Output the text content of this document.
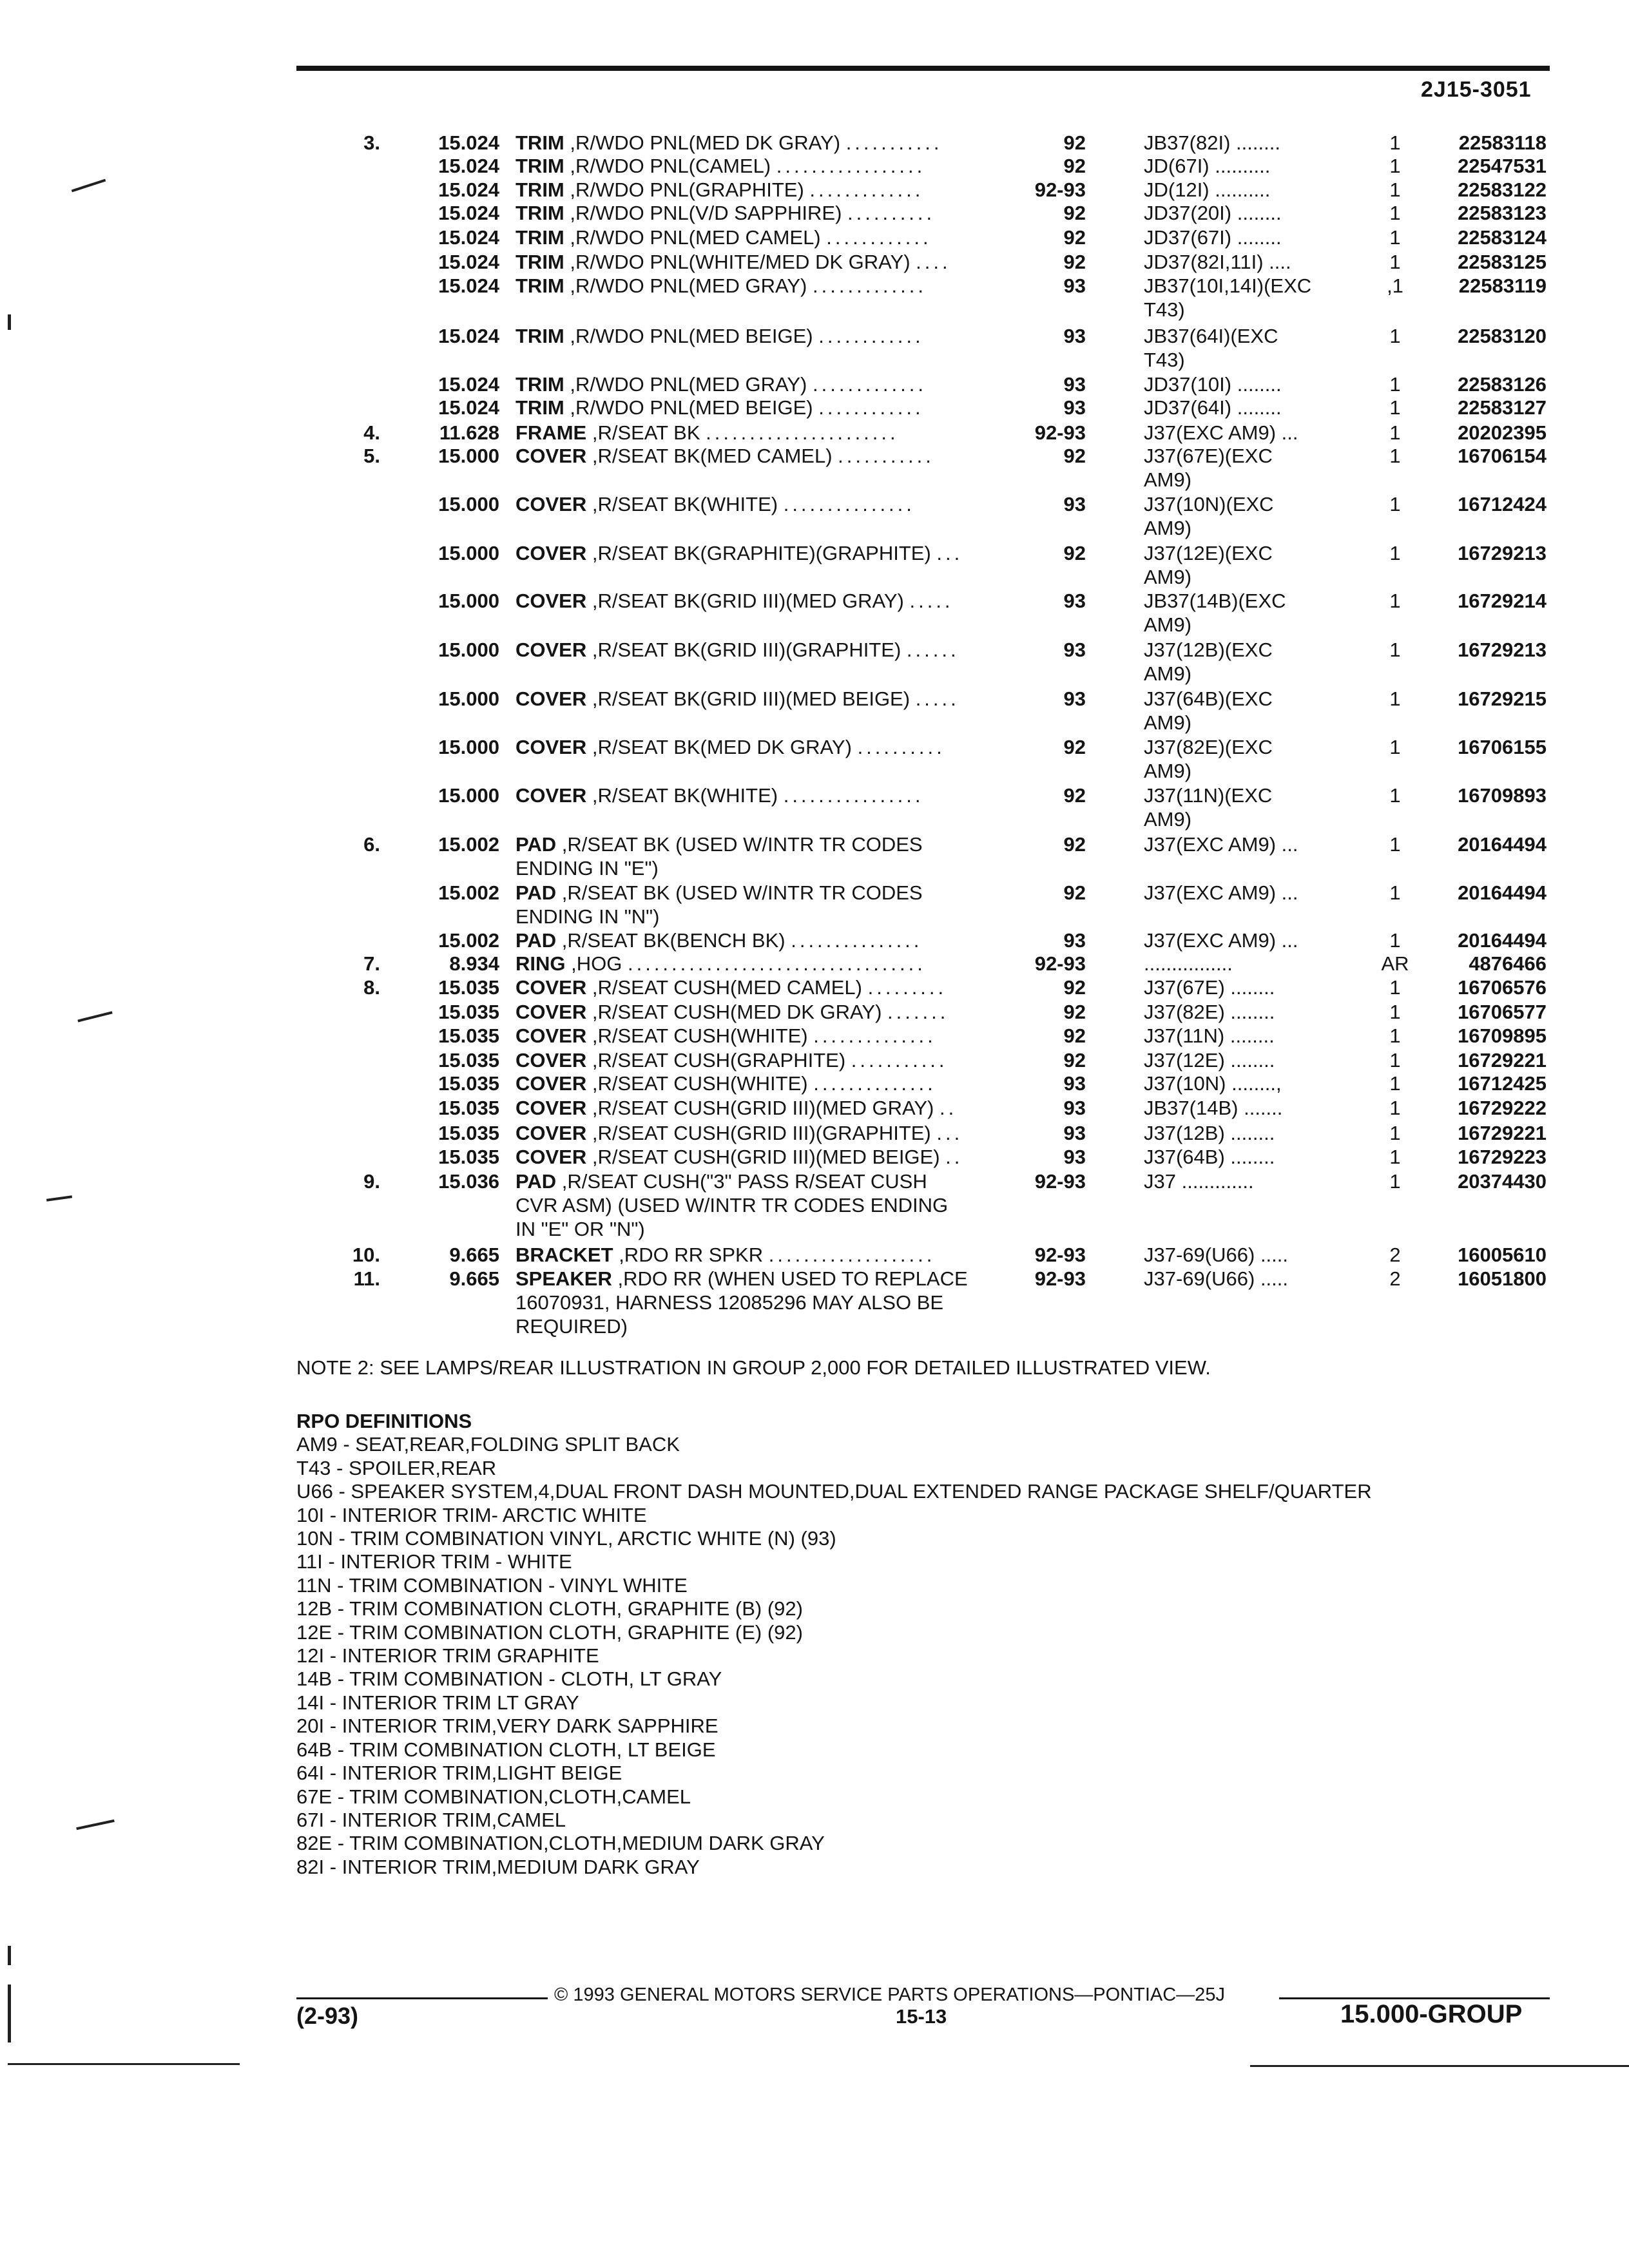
2J15-3051
3.	15.024 TRIM ,R/WDO PNL(MED DK GRAY) ...........	92	JB37(82I) ........	1	22583118
15.024 TRIM ,R/WDO PNL(CAMEL) .................	92	JD(67I) ..........	1	22547531
15.024 TRIM ,R/WDO PNL(GRAPHITE) .............	92-93	JD(12I) ..........	1	22583122
15.024 TRIM ,R/WDO PNL(V/D SAPPHIRE) ..........	92	JD37(20I) ........	1	22583123
15.024 TRIM ,R/WDO PNL(MED CAMEL) ............	92	JD37(67I) ........	1	22583124
15.024 TRIM ,R/WDO PNL(WHITE/MED DK GRAY) ....	92	JD37(82I,11I) ....	1	22583125
15.024 TRIM ,R/WDO PNL(MED GRAY) .............	93	JB37(10I,14I)(EXC	,1	22583119
T43)
15.024 TRIM ,R/WDO PNL(MED BEIGE) ............	93	JB37(64I)(EXC	1	22583120
T43)
15.024 TRIM ,R/WDO PNL(MED GRAY) .............	93	JD37(10I) ........	1	22583126
15.024 TRIM ,R/WDO PNL(MED BEIGE) ............	93	JD37(64I) ........	1	22583127
4.	11.628 FRAME ,R/SEAT BK ......................	92-93	J37(EXC AM9) ...	1	20202395
5.	15.000 COVER ,R/SEAT BK(MED CAMEL) ...........	92	J37(67E)(EXC	1	16706154
AM9)
15.000 COVER ,R/SEAT BK(WHITE) ...............	93	J37(10N)(EXC	1	16712424
AM9)
15.000 COVER ,R/SEAT BK(GRAPHITE)(GRAPHITE) ...	92	J37(12E)(EXC	1	16729213
AM9)
15.000 COVER ,R/SEAT BK(GRID III)(MED GRAY) .....	93	JB37(14B)(EXC	1	16729214
AM9)
15.000 COVER ,R/SEAT BK(GRID III)(GRAPHITE) ......	93	J37(12B)(EXC	1	16729213
AM9)
15.000 COVER ,R/SEAT BK(GRID III)(MED BEIGE) .....	93	J37(64B)(EXC	1	16729215
AM9)
15.000 COVER ,R/SEAT BK(MED DK GRAY) ..........	92	J37(82E)(EXC	1	16706155
AM9)
15.000 COVER ,R/SEAT BK(WHITE) ................	92	J37(11N)(EXC	1	16709893
AM9)
6.	15.002 PAD ,R/SEAT BK (USED W/INTR TR CODES	92	J37(EXC AM9) ...	1	20164494
ENDING IN "E")
15.002 PAD ,R/SEAT BK (USED W/INTR TR CODES	92	J37(EXC AM9) ...	1	20164494
ENDING IN "N")
15.002 PAD ,R/SEAT BK(BENCH BK) ...............	93	J37(EXC AM9) ...	1	20164494
7.	8.934 RING ,HOG ..................................	92-93	................	AR	4876466
8.	15.035 COVER ,R/SEAT CUSH(MED CAMEL) .........	92	J37(67E) ........	1	16706576
15.035 COVER ,R/SEAT CUSH(MED DK GRAY) .......	92	J37(82E) ........	1	16706577
15.035 COVER ,R/SEAT CUSH(WHITE) ..............	92	J37(11N) ........	1	16709895
15.035 COVER ,R/SEAT CUSH(GRAPHITE) ...........	92	J37(12E) ........	1	16729221
15.035 COVER ,R/SEAT CUSH(WHITE) ..............	93	J37(10N) ........,	1	16712425
15.035 COVER ,R/SEAT CUSH(GRID III)(MED GRAY) ..	93	JB37(14B) .......	1	16729222
15.035 COVER ,R/SEAT CUSH(GRID III)(GRAPHITE) ...	93	J37(12B) ........	1	16729221
15.035 COVER ,R/SEAT CUSH(GRID III)(MED BEIGE) ..	93	J37(64B) ........	1	16729223
9.	15.036 PAD ,R/SEAT CUSH("3" PASS R/SEAT CUSH	92-93	J37 .............	1	20374430
CVR ASM) (USED W/INTR TR CODES ENDING
IN "E" OR "N")
10.	9.665 BRACKET ,RDO RR SPKR ...................	92-93	J37-69(U66) .....	2	16005610
11.	9.665 SPEAKER ,RDO RR (WHEN USED TO REPLACE	92-93	J37-69(U66) .....	2	16051800
16070931, HARNESS 12085296 MAY ALSO BE
REQUIRED)
NOTE 2: SEE LAMPS/REAR ILLUSTRATION IN GROUP 2,000 FOR DETAILED ILLUSTRATED VIEW.
RPO DEFINITIONS
AM9 - SEAT,REAR,FOLDING SPLIT BACK
T43 - SPOILER,REAR
U66 - SPEAKER SYSTEM,4,DUAL FRONT DASH MOUNTED,DUAL EXTENDED RANGE PACKAGE SHELF/QUARTER
10I - INTERIOR TRIM- ARCTIC WHITE
10N - TRIM COMBINATION VINYL, ARCTIC WHITE (N) (93)
11I - INTERIOR TRIM - WHITE
11N - TRIM COMBINATION - VINYL WHITE
12B - TRIM COMBINATION CLOTH, GRAPHITE (B) (92)
12E - TRIM COMBINATION CLOTH, GRAPHITE (E) (92)
12I - INTERIOR TRIM GRAPHITE
14B - TRIM COMBINATION - CLOTH, LT GRAY
14I - INTERIOR TRIM LT GRAY
20I - INTERIOR TRIM,VERY DARK SAPPHIRE
64B - TRIM COMBINATION CLOTH, LT BEIGE
64I - INTERIOR TRIM,LIGHT BEIGE
67E - TRIM COMBINATION,CLOTH,CAMEL
67I - INTERIOR TRIM,CAMEL
82E - TRIM COMBINATION,CLOTH,MEDIUM DARK GRAY
82I - INTERIOR TRIM,MEDIUM DARK GRAY
© 1993 GENERAL MOTORS SERVICE PARTS OPERATIONS—PONTIAC—25J
(2-93)	15-13	15.000-GROUP
